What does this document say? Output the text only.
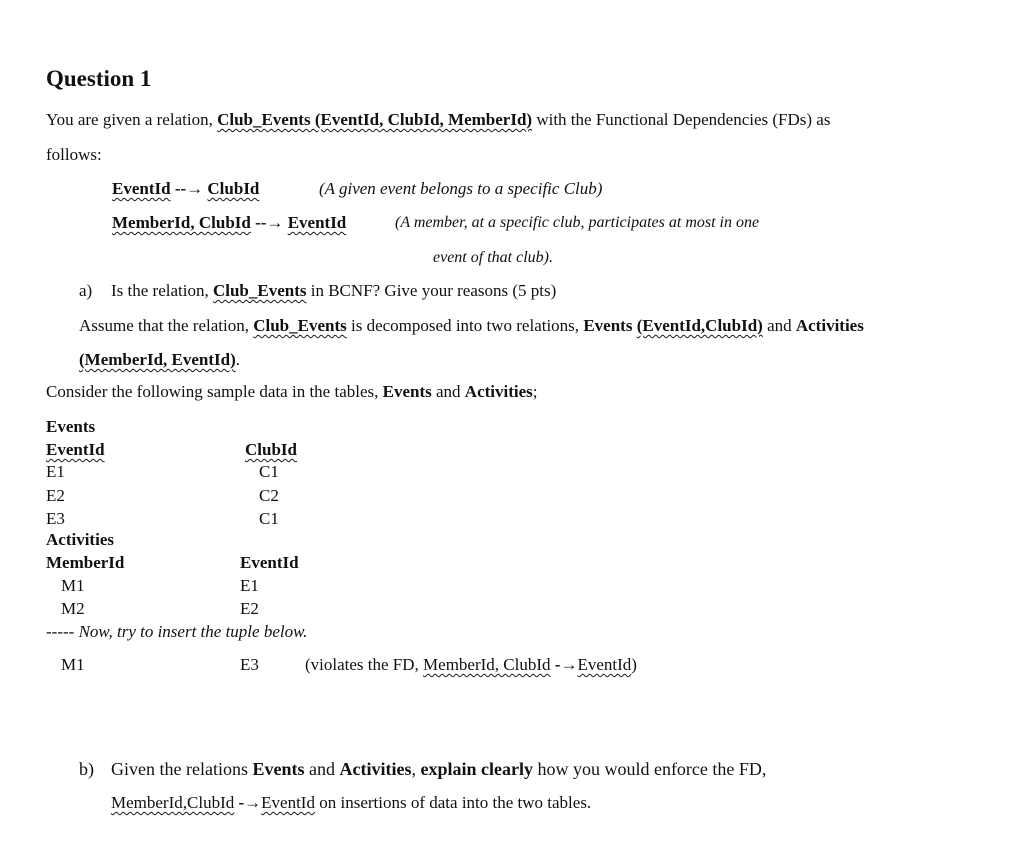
Question 1
You are given a relation, Club_Events (EventId, ClubId, MemberId) with the Functional Dependencies (FDs) as
follows:
EventId --→ ClubId	(A given event belongs to a specific Club)
MemberId, ClubId --→ EventId	(A member, at a specific club, participates at most in one
event of that club).
a) Is the relation, Club_Events in BCNF? Give your reasons (5 pts)
Assume that the relation, Club_Events is decomposed into two relations, Events (EventId,ClubId) and Activities
(MemberId, EventId).
Consider the following sample data in the tables, Events and Activities;
Events
EventId	ClubId
E1	C1
E2	C2
E3	C1
Activities
MemberId	EventId
M1	E1
M2	E2
----- Now, try to insert the tuple below.
M1	E3	(violates the FD, MemberId, ClubId -→EventId)
b) Given the relations Events and Activities, explain clearly how you would enforce the FD,
MemberId,ClubId -→EventId on insertions of data into the two tables.
